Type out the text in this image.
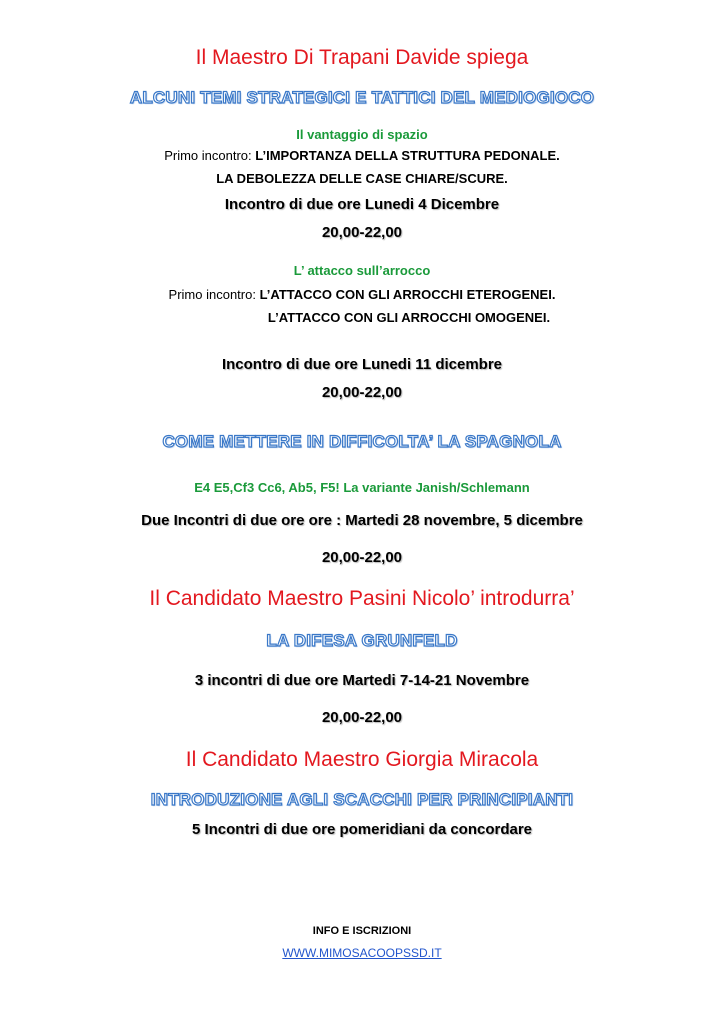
Il Maestro Di Trapani Davide spiega
ALCUNI TEMI STRATEGICI E TATTICI DEL MEDIOGIOCO
Il vantaggio di spazio
Primo incontro: L’IMPORTANZA DELLA STRUTTURA PEDONALE.
LA DEBOLEZZA DELLE CASE CHIARE/SCURE.
Incontro di due ore Lunedi 4 Dicembre
20,00-22,00
L’ attacco sull’arrocco
Primo incontro: L’ATTACCO CON GLI ARROCCHI ETEROGENEI.
L’ATTACCO CON GLI ARROCCHI OMOGENEI.
Incontro di due ore Lunedi 11 dicembre
20,00-22,00
COME METTERE IN DIFFICOLTA’ LA SPAGNOLA
E4 E5,Cf3 Cc6, Ab5, F5! La variante Janish/Schlemann
Due Incontri di due ore ore : Martedi 28 novembre, 5 dicembre
20,00-22,00
Il Candidato Maestro Pasini Nicolo’ introdurra’
LA DIFESA GRUNFELD
3 incontri di due ore Martedi 7-14-21 Novembre
20,00-22,00
Il Candidato Maestro Giorgia Miracola
INTRODUZIONE AGLI SCACCHI PER PRINCIPIANTI
5 Incontri di due ore pomeridiani da concordare
INFO E ISCRIZIONI
WWW.MIMOSACOOPSSD.IT
